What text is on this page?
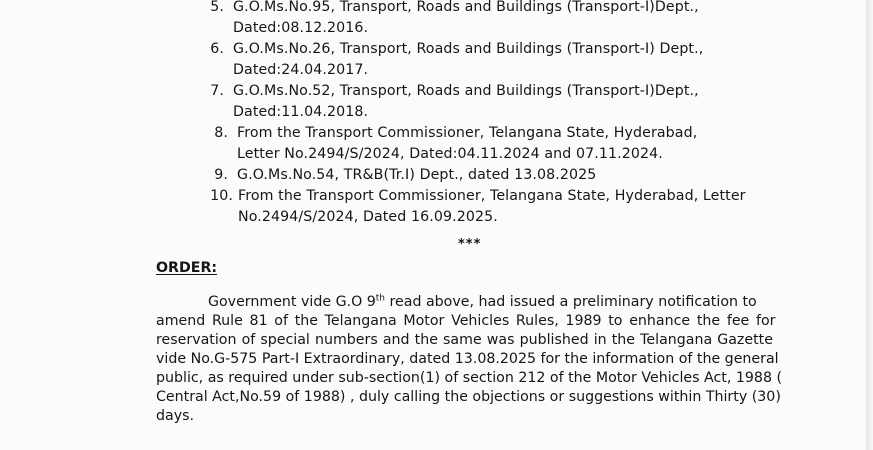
5. G.O.Ms.No.95, Transport, Roads and Buildings (Transport-I)Dept.,
Dated:08.12.2016.
6. G.O.Ms.No.26, Transport, Roads and Buildings (Transport-I) Dept.,
Dated:24.04.2017.
7. G.O.Ms.No.52, Transport, Roads and Buildings (Transport-I)Dept.,
Dated:11.04.2018.
8. From the Transport Commissioner, Telangana State, Hyderabad,
Letter No.2494/S/2024, Dated:04.11.2024 and 07.11.2024.
9. G.O.Ms.No.54, TR&B(Tr.I) Dept., dated 13.08.2025
10. From the Transport Commissioner, Telangana State, Hyderabad, Letter
No.2494/S/2024, Dated 16.09.2025.
***
ORDER:
Government vide G.O 9th read above, had issued a preliminary notification to
amend Rule 81 of the Telangana Motor Vehicles Rules, 1989 to enhance the fee for
reservation of special numbers and the same was published in the Telangana Gazette
vide No.G-575 Part-I Extraordinary, dated 13.08.2025 for the information of the general
public, as required under sub-section(1) of section 212 of the Motor Vehicles Act, 1988 (
Central Act,No.59 of 1988) , duly calling the objections or suggestions within Thirty (30)
days.
